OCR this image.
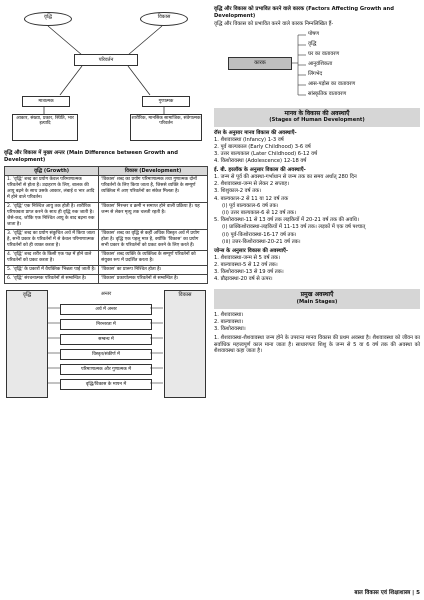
वृद्धि	विकास
परिवर्तन
मात्रात्मक	गुणात्मक
आकार, संख्या, प्रकार, स्थिति, भार इत्यादि
शारीरिक, मानसिक सामाजिक, संवेगात्मक परिवर्तन
वृद्धि और विकास में मुख्य अन्तर (Main Difference between Growth and Development)
वृद्धि (Growth)	विकास (Development)
1. 'वृद्धि' शब्द का प्रयोग केवल परिमाणात्मक परिवर्तनों से होता है। उदाहरण के लिए, बालक की आयु बढ़ने के साथ उसके आकार, लंबाई व भार आदि में होने वाले परिवर्तन।	'विकास' शब्द का प्रयोग परिमाणात्मक तथा गुणात्मक दोनों परिवर्तनों के लिए किया जाता है, जिससे व्यक्ति के सम्पूर्ण व्यक्तित्व में आए परिवर्तनों का संकेत मिलता है।
2. 'वृद्धि' एक निश्चित आयु तक होती है। शारीरिक परिपक्वता प्राप्त करने के साथ ही वृद्धि रुक जाती है। जैसे-कद, जोकि एक निश्चित आयु के बाद बढ़ना रुक जाता है।	'विकास' निरन्तर व क्रमी न समाप्त होने वाली प्रक्रिया है। यह जन्म से लेकर मृत्यु तक चलती रहती है।
3. 'वृद्धि' शब्द का प्रयोग संकुचित अर्थ में किया जाता है, सभी प्रकार के परिवर्तनों में से केवल परिमाणात्मक परिवर्तनों को ही व्यक्त करता है।	'विकास' शब्द का वृद्धि से कहीं अधिक विस्तृत अर्थ में प्रयोग होता है। वृद्धि एक पहलू मात्र है, क्योंकि 'विकास' का प्रयोग सभी प्रकार के परिवर्तनों को प्रकट करने के लिए करते हैं।
4. 'वृद्धि' शब्द शरीर के किसी एक पक्ष में होने वाले परिवर्तनों को प्रकट करता है।	'विकास' शब्द व्यक्ति के व्यक्तित्व के सम्पूर्ण परिवर्तनों को संयुक्त रूप में प्रदर्शित करता है।
5. 'वृद्धि' के प्रकारों में वैयक्तिक भिन्नता पाई जाती है।	'विकास' का प्रारूप निश्चित होता है।
6. 'वृद्धि' संरचनात्मक परिवर्तनों से सम्बन्धित है।	'विकास' प्रकार्यात्मक परिवर्तनों से सम्बन्धित है।
वृद्धि	विकास
अन्तर
अर्थ में अन्तर
निरन्तरता में
सम्बन्ध में
विस्तृत/संकीर्ण में
परिमाणात्मक और गुणात्मक में
वृद्धि/विकास के मापन में
वृद्धि और विकास को प्रभावित करने वाले कारक (Factors Affecting Growth and Development)
वृद्धि और विकास को प्रभावित करने वाले कारक निम्नलिखित हैं-
कारक
पोषण
वृद्धि
घर का वातावरण
आनुवंशिकता
लिंगभेद
आस-पड़ोस का वातावरण
सांस्कृतिक वातावरण
मानव के विकास की अवस्थाएँ
(Stages of Human Development)
रॉस के अनुसार मानव विकास की अवस्थाएँ-
1. शैशवावस्था (Infancy) 1-3 वर्ष
2. पूर्व बाल्यकाल (Early Childhood) 3-6 वर्ष
3. उत्तर बाल्यकाल (Later Childhood) 6-12 वर्ष
4. किशोरावस्था (Adolescence) 12-18 वर्ष
ई. बी. हरलॉक के अनुसार विकास की अवस्थाएँ-
1. जन्म से पूर्व की अवस्था-गर्भाधान से जन्म तक का समय अर्थात् 280 दिन
2. शैशवावस्था-जन्म से लेकर 2 सप्ताह।
3. शिशुकाल-2 वर्ष तक।
4. बाल्यकाल-2 से 11 या 12 वर्ष तक
(i) पूर्व बाल्यकाल-6 वर्ष तक।
(ii) उत्तर बाल्यकाल-6 से 12 वर्ष तक।
5. किशोरावस्था-11 से 13 वर्ष तक लड़कियों में 20-21 वर्ष तक की अवधि।
(i) प्राक्किशोरावस्था-लड़कियों में 11-13 वर्ष तक। लड़कों में एक वर्ष पश्चात्
(ii) पूर्व-किशोरावस्था-16-17 वर्ष तक।
(iii) उत्तर-किशोरावस्था-20-21 वर्ष तक।
जोन्स के अनुसार विकास की अवस्थाएँ-
1. शैशवावस्था-जन्म से 5 वर्ष तक।
2. बाल्यावस्था-5 से 12 वर्ष तक।
3. किशोरावस्था-13 से 19 वर्ष तक।
4. प्रौढ़ावस्था-20 वर्ष से ऊपर।
प्रमुख अवस्थाएँ
(Main Stages)
1. शैशवावस्था।
2. बाल्यावस्था।
3. किशोरावस्था।
1. शैशवावस्था-शैशवावस्था जन्म होने के उपरान्त मानव विकास की प्रथम अवस्था है। शैशवावस्था को जीवन का सर्वाधिक महत्त्वपूर्ण काल माना जाता है। साधारणतः शिशु के जन्म से 5 या 6 वर्ष तक की अवस्था को शैशवावस्था कहा जाता है।
बाल विकास एवं शिक्षाशास्त्र | 5
